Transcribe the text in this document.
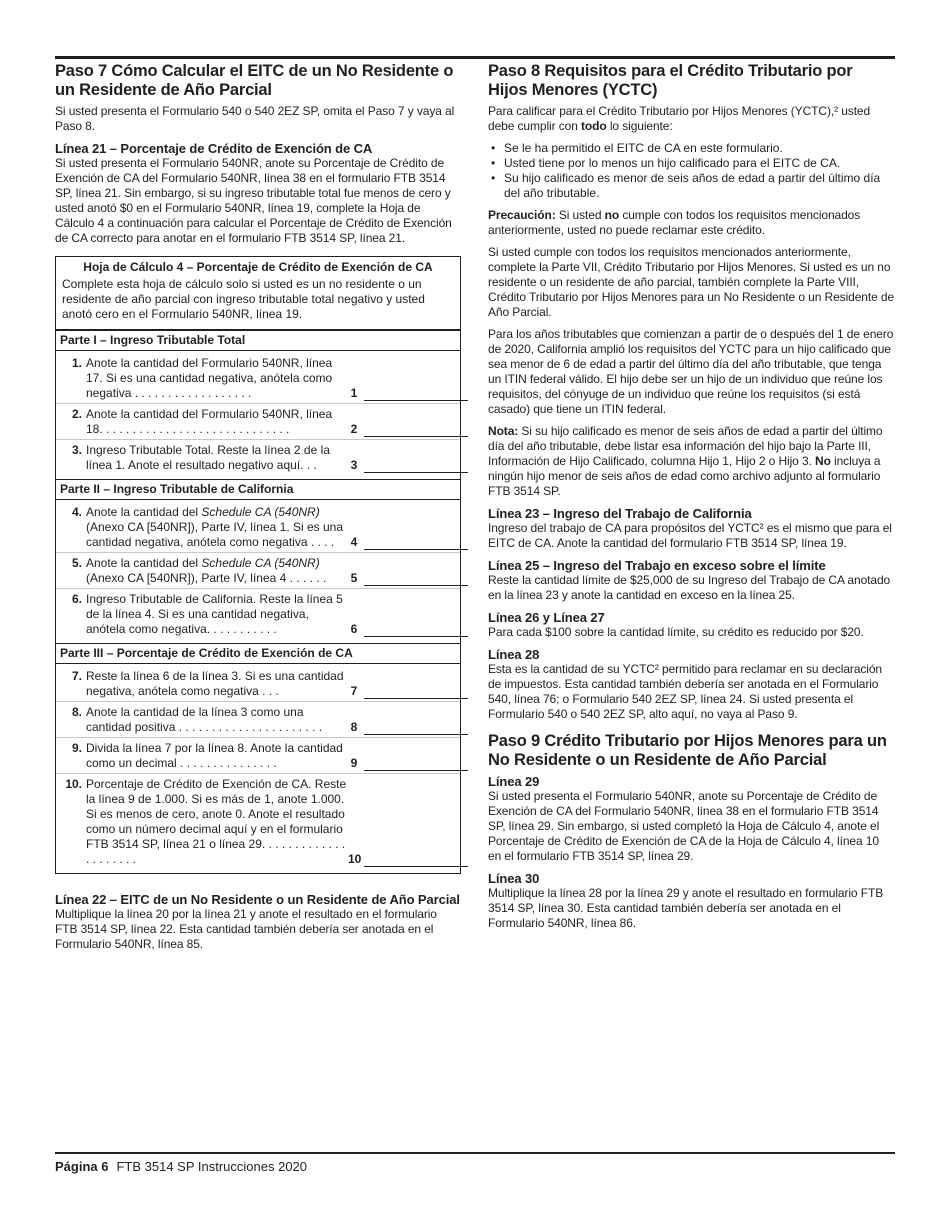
Paso 7 Cómo Calcular el EITC de un No Residente o un Residente de Año Parcial

Si usted presenta el Formulario 540 o 540 2EZ SP, omita el Paso 7 y vaya al Paso 8.

Línea 21 – Porcentaje de Crédito de Exención de CA

Si usted presenta el Formulario 540NR, anote su Porcentaje de Crédito de Exención de CA del Formulario 540NR, línea 38 en el formulario FTB 3514 SP, línea 21. Sin embargo, si su ingreso tributable total fue menos de cero y usted anotó $0 en el Formulario 540NR, línea 19, complete la Hoja de Cálculo 4 a continuación para calcular el Porcentaje de Crédito de Exención de CA correcto para anotar en el formulario FTB 3514 SP, línea 21.

Hoja de Cálculo 4 – Porcentaje de Crédito de Exención de CA
Complete esta hoja de cálculo solo si usted es un no residente o un residente de año parcial con ingreso tributable total negativo y usted anotó cero en el Formulario 540NR, línea 19.
Parte I – Ingreso Tributable Total
1. Anote la cantidad del Formulario 540NR, línea 17. Si es una cantidad negativa, anótela como negativa . . . . . . . . . . . . . . . . . .	1
2. Anote la cantidad del Formulario 540NR, línea 18. . . . . . . . . . . . . . . . . . . . . . . . . . . . .	2
3. Ingreso Tributable Total. Reste la línea 2 de la línea 1. Anote el resultado negativo aquí. . .	3
Parte II – Ingreso Tributable de California
4. Anote la cantidad del Schedule CA (540NR) (Anexo CA [540NR]), Parte IV, línea 1. Si es una cantidad negativa, anótela como negativa . . . .	4
5. Anote la cantidad del Schedule CA (540NR) (Anexo CA [540NR]), Parte IV, línea 4 . . . . . .	5
6. Ingreso Tributable de California. Reste la línea 5 de la línea 4. Si es una cantidad negativa, anótela como negativa. . . . . . . . . . .	6
Parte III – Porcentaje de Crédito de Exención de CA
7. Reste la línea 6 de la línea 3. Si es una cantidad negativa, anótela como negativa . . .	7
8. Anote la cantidad de la línea 3 como una cantidad positiva . . . . . . . . . . . . . . . . . . . . . .	8
9. Divida la línea 7 por la línea 8. Anote la cantidad como un decimal . . . . . . . . . . . . . . .	9
10. Porcentaje de Crédito de Exención de CA. Reste la línea 9 de 1.000. Si es más de 1, anote 1.000. Si es menos de cero, anote 0. Anote el resultado como un número decimal aquí y en el formulario FTB 3514 SP, línea 21 o línea 29. . . . . . . . . . . . . . . . . . . . .	10
Línea 22 – EITC de un No Residente o un Residente de Año Parcial

Multiplique la línea 20 por la línea 21 y anote el resultado en el formulario FTB 3514 SP, línea 22. Esta cantidad también debería ser anotada en el Formulario 540NR, línea 85.

Paso 8 Requisitos para el Crédito Tributario por Hijos Menores (YCTC)

Para calificar para el Crédito Tributario por Hijos Menores (YCTC),² usted debe cumplir con todo lo siguiente:

• Se le ha permitido el EITC de CA en este formulario.
• Usted tiene por lo menos un hijo calificado para el EITC de CA.
• Su hijo calificado es menor de seis años de edad a partir del último día del año tributable.

Precaución: Si usted no cumple con todos los requisitos mencionados anteriormente, usted no puede reclamar este crédito.

Si usted cumple con todos los requisitos mencionados anteriormente, complete la Parte VII, Crédito Tributario por Hijos Menores. Si usted es un no residente o un residente de año parcial, también complete la Parte VIII, Crédito Tributario por Hijos Menores para un No Residente o un Residente de Año Parcial.

Para los años tributables que comienzan a partir de o después del 1 de enero de 2020, California amplió los requisitos del YCTC para un hijo calificado que sea menor de 6 de edad a partir del último día del año tributable, que tenga un ITIN federal válido. El hijo debe ser un hijo de un individuo que reúne los requisitos, del cónyuge de un individuo que reúne los requisitos (si está casado) que tiene un ITIN federal.

Nota: Si su hijo calificado es menor de seis años de edad a partir del último día del año tributable, debe listar esa información del hijo bajo la Parte III, Información de Hijo Calificado, columna Hijo 1, Hijo 2 o Hijo 3. No incluya a ningún hijo menor de seis años de edad como archivo adjunto al formulario FTB 3514 SP.

Línea 23 – Ingreso del Trabajo de California

Ingreso del trabajo de CA para propósitos del YCTC² es el mismo que para el EITC de CA. Anote la cantidad del formulario FTB 3514 SP, línea 19.

Línea 25 – Ingreso del Trabajo en exceso sobre el límite

Reste la cantidad límite de $25,000 de su Ingreso del Trabajo de CA anotado en la línea 23 y anote la cantidad en exceso en la línea 25.

Línea 26 y Línea 27

Para cada $100 sobre la cantidad límite, su crédito es reducido por $20.

Línea 28

Esta es la cantidad de su YCTC² permitido para reclamar en su declaración de impuestos. Esta cantidad también debería ser anotada en el Formulario 540, línea 76; o Formulario 540 2EZ SP, línea 24. Si usted presenta el Formulario 540 o 540 2EZ SP, alto aquí, no vaya al Paso 9.

Paso 9 Crédito Tributario por Hijos Menores para un No Residente o un Residente de Año Parcial
Línea 29

Si usted presenta el Formulario 540NR, anote su Porcentaje de Crédito de Exención de CA del Formulario 540NR, línea 38 en el formulario FTB 3514 SP, línea 29. Sin embargo, si usted completó la Hoja de Cálculo 4, anote el Porcentaje de Crédito de Exención de CA de la Hoja de Cálculo 4, línea 10 en el formulario FTB 3514 SP, línea 29.

Línea 30

Multiplique la línea 28 por la línea 29 y anote el resultado en formulario FTB 3514 SP, línea 30. Esta cantidad también debería ser anotada en el Formulario 540NR, línea 86.

Página 6 FTB 3514 SP Instrucciones 2020
